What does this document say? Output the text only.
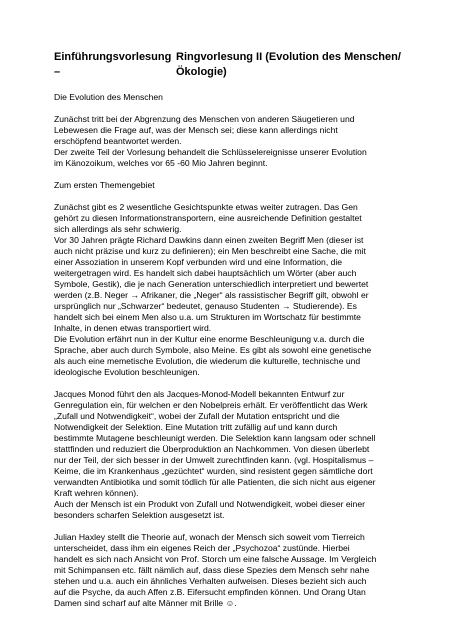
Einführungsvorlesung –
Ringvorlesung II (Evolution des Menschen/Ökologie)

Die Evolution des Menschen

Zunächst tritt bei der Abgrenzung des Menschen von anderen Säugetieren und

Lebewesen die Frage auf, was der Mensch sei; diese kann allerdings nicht

erschöpfend beantwortet werden.

Der zweite Teil der Vorlesung behandelt die Schlüsselereignisse unserer Evolution

im Känozoikum, welches vor 65 -60 Mio Jahren beginnt.

Zum ersten Themengebiet

Zunächst gibt es 2 wesentliche Gesichtspunkte etwas weiter zutragen. Das Gen

gehört zu diesen Informationstransportern, eine ausreichende Definition gestaltet

sich allerdings als sehr schwierig.

Vor 30 Jahren prägte Richard Dawkins dann einen zweiten Begriff Men (dieser ist

auch nicht präzise und kurz zu definieren); ein Men beschreibt eine Sache, die mit

einer Assoziation in unserem Kopf verbunden wird und eine Information, die

weitergetragen wird. Es handelt sich dabei hauptsächlich um Wörter (aber auch

Symbole, Gestik), die je nach Generation unterschiedlich interpretiert und bewertet

werden (z.B. Neger → Afrikaner, die „Neger“ als rassistischer Begriff gilt, obwohl er

ursprünglich nur „Schwarzer“ bedeutet, genauso Studenten → Studierende). Es

handelt sich bei einem Men also u.a. um Strukturen im Wortschatz für bestimmte

Inhalte, in denen etwas transportiert wird.

Die Evolution erfährt nun in der Kultur eine enorme Beschleunigung v.a. durch die

Sprache, aber auch durch Symbole, also Meine. Es gibt als sowohl eine genetische

als auch eine memetische Evolution, die wiederum die kulturelle, technische und

ideologische Evolution beschleunigen.

Jacques Monod führt den als Jacques-Monod-Modell bekannten Entwurf zur

Genregulation ein, für welchen er den Nobelpreis erhält. Er veröffentlicht das Werk

„Zufall und Notwendigkeit“, wobei der Zufall der Mutation entspricht und die

Notwendigkeit der Selektion. Eine Mutation tritt zufällig auf und kann durch

bestimmte Mutagene beschleunigt werden. Die Selektion kann langsam oder schnell

stattfinden und reduziert die Überproduktion an Nachkommen. Von diesen überlebt

nur der Teil, der sich besser in der Umwelt zurechtfinden kann. (vgl. Hospitalismus –

Keime, die im Krankenhaus „gezüchtet“ wurden, sind resistent gegen sämtliche dort

verwandten Antibiotika und somit tödlich für alle Patienten, die sich nicht aus eigener

Kraft wehren können).

Auch der Mensch ist ein Produkt von Zufall und Notwendigkeit, wobei dieser einer

besonders scharfen Selektion ausgesetzt ist.

Julian Haxley stellt die Theorie auf, wonach der Mensch sich soweit vom Tierreich

unterscheidet, dass ihm ein eigenes Reich der „Psychozoa“ zustünde. Hierbei

handelt es sich nach Ansicht von Prof. Storch um eine falsche Aussage. Im Vergleich

mit Schimpansen etc. fällt nämlich auf, dass diese Spezies dem Mensch sehr nahe

stehen und u.a. auch ein ähnliches Verhalten aufweisen. Dieses bezieht sich auch

auf die Psyche, da auch Affen z.B. Eifersucht empfinden können. Und Orang Utan

Damen sind scharf auf alte Männer mit Brille ☺.
